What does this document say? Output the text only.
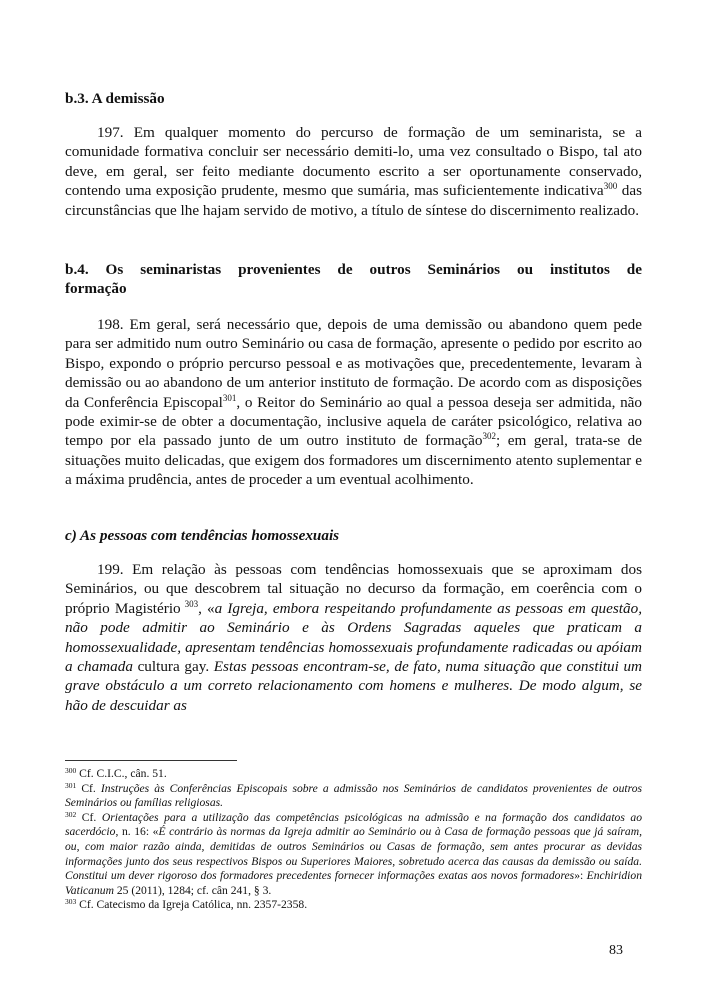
b.3. A demissão

197. Em qualquer momento do percurso de formação de um seminarista, se a comunidade formativa concluir ser necessário demiti-lo, uma vez consultado o Bispo, tal ato deve, em geral, ser feito mediante documento escrito a ser oportunamente conservado, contendo uma exposição prudente, mesmo que sumária, mas suficientemente indicativa$^{300}$ das circunstâncias que lhe hajam servido de motivo, a título de síntese do discernimento realizado.

b.4. Os seminaristas provenientes de outros Seminários ou institutos de formação

198. Em geral, será necessário que, depois de uma demissão ou abandono quem pede para ser admitido num outro Seminário ou casa de formação, apresente o pedido por escrito ao Bispo, expondo o próprio percurso pessoal e as motivações que, precedentemente, levaram à demissão ou ao abandono de um anterior instituto de formação. De acordo com as disposições da Conferência Episcopal$^{301}$, o Reitor do Seminário ao qual a pessoa deseja ser admitida, não pode eximir-se de obter a documentação, inclusive aquela de caráter psicológico, relativa ao tempo por ela passado junto de um outro instituto de formação$^{302}$; em geral, trata-se de situações muito delicadas, que exigem dos formadores um discernimento atento suplementar e a máxima prudência, antes de proceder a um eventual acolhimento.

c) As pessoas com tendências homossexuais

199. Em relação às pessoas com tendências homossexuais que se aproximam dos Seminários, ou que descobrem tal situação no decurso da formação, em coerência com o próprio Magistério $^{303}$, «a Igreja, embora respeitando profundamente as pessoas em questão, não pode admitir ao Seminário e às Ordens Sagradas aqueles que praticam a homossexualidade, apresentam tendências homossexuais profundamente radicadas ou apóiam a chamada cultura gay. Estas pessoas encontram-se, de fato, numa situação que constitui um grave obstáculo a um correto relacionamento com homens e mulheres. De modo algum, se hão de descuidar as

$^{300}$ Cf. C.I.C., cân. 51.

$^{301}$ Cf. Instruções às Conferências Episcopais sobre a admissão nos Seminários de candidatos provenientes de outros Seminários ou famílias religiosas.

$^{302}$ Cf. Orientações para a utilização das competências psicológicas na admissão e na formação dos candidatos ao sacerdócio, n. 16: «É contrário às normas da Igreja admitir ao Seminário ou à Casa de formação pessoas que já saíram, ou, com maior razão ainda, demitidas de outros Seminários ou Casas de formação, sem antes procurar as devidas informações junto dos seus respectivos Bispos ou Superiores Maiores, sobretudo acerca das causas da demissão ou saída. Constitui um dever rigoroso dos formadores precedentes fornecer informações exatas aos novos formadores»: Enchiridion Vaticanum 25 (2011), 1284; cf. cân 241, § 3.

$^{303}$ Cf. Catecismo da Igreja Católica, nn. 2357-2358.

83
